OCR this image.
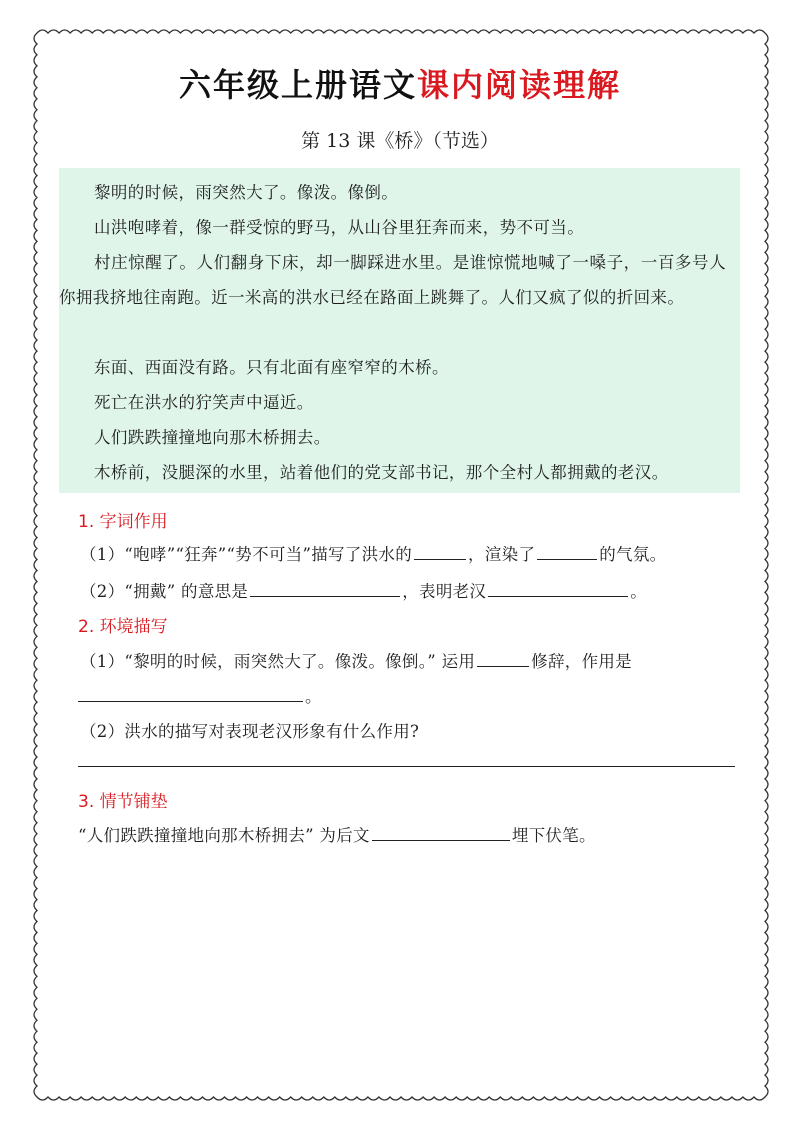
六年级上册语文课内阅读理解
第 13 课《桥》（节选）

黎明的时候，雨突然大了。像泼。像倒。

山洪咆哮着，像一群受惊的野马，从山谷里狂奔而来，势不可当。

村庄惊醒了。人们翻身下床，却一脚踩进水里。是谁惊慌地喊了一嗓子，一百多号人你拥我挤地往南跑。近一米高的洪水已经在路面上跳舞了。人们又疯了似的折回来。

东面、西面没有路。只有北面有座窄窄的木桥。

死亡在洪水的狞笑声中逼近。

人们跌跌撞撞地向那木桥拥去。

木桥前，没腿深的水里，站着他们的党支部书记，那个全村人都拥戴的老汉。

1. 字词作用
（1）“咆哮”“狂奔”“势不可当”描写了洪水的	，渲染了	的气氛。
（2）“拥戴” 的意思是	，表明老汉	。
2. 环境描写
（1）“黎明的时候，雨突然大了。像泼。像倒。” 运用	修辞，作用是
。
（2）洪水的描写对表现老汉形象有什么作用?
3. 情节铺垫
“人们跌跌撞撞地向那木桥拥去” 为后文	埋下伏笔。
